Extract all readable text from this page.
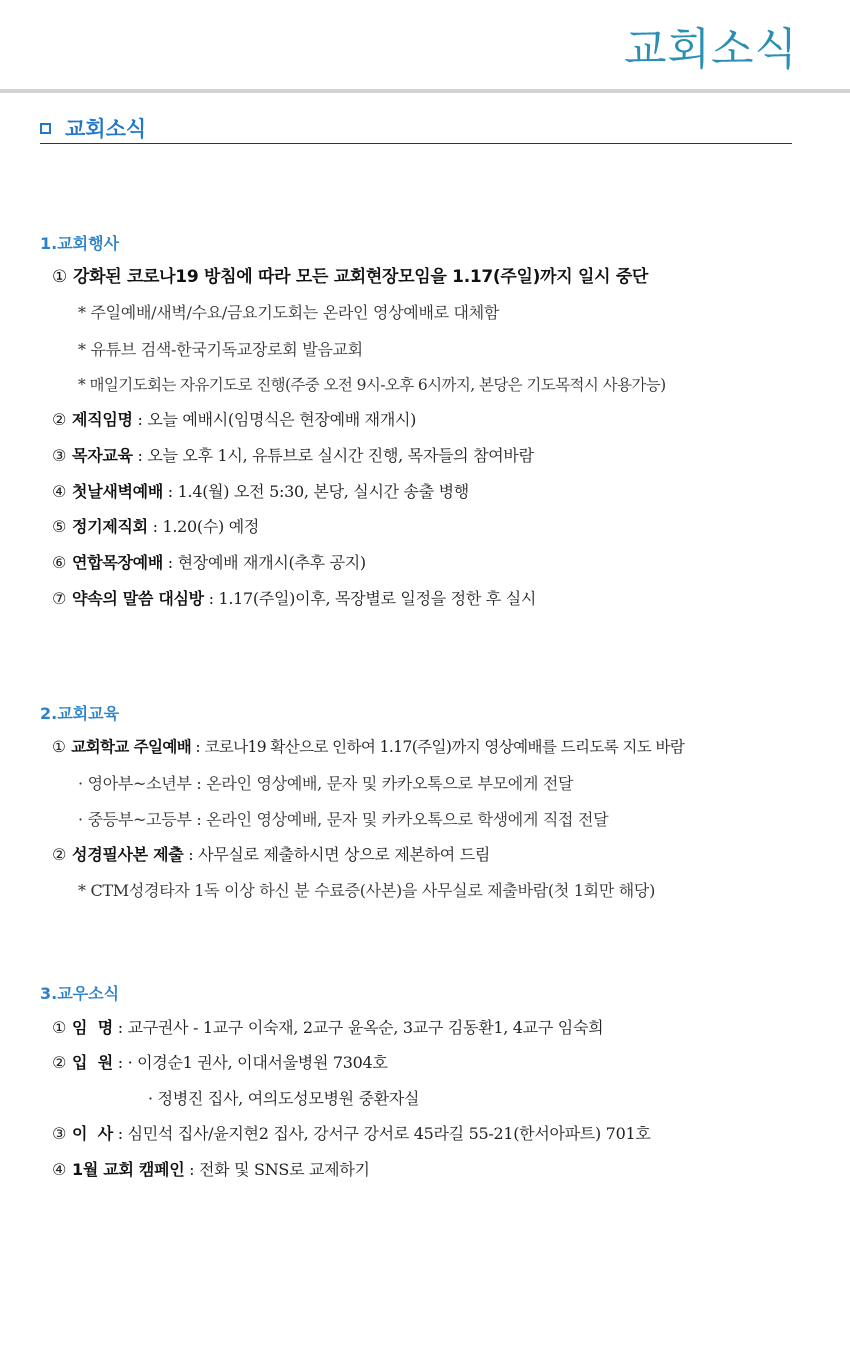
교회소식
교회소식
1.교회행사
① 강화된 코로나19 방침에 따라 모든 교회현장모임을 1.17(주일)까지 일시 중단
* 주일예배/새벽/수요/금요기도회는 온라인 영상예배로 대체함
* 유튜브 검색-한국기독교장로회 발음교회
* 매일기도회는 자유기도로 진행(주중 오전 9시-오후 6시까지, 본당은 기도목적시 사용가능)
② 제직임명 : 오늘 예배시(임명식은 현장예배 재개시)
③ 목자교육 : 오늘 오후 1시, 유튜브로 실시간 진행, 목자들의 참여바람
④ 첫날새벽예배 : 1.4(월) 오전 5:30, 본당, 실시간 송출 병행
⑤ 정기제직회 : 1.20(수) 예정
⑥ 연합목장예배 : 현장예배 재개시(추후 공지)
⑦ 약속의 말씀 대심방 : 1.17(주일)이후, 목장별로 일정을 정한 후 실시
2.교회교육
① 교회학교 주일예배 : 코로나19 확산으로 인하여 1.17(주일)까지 영상예배를 드리도록 지도 바람
· 영아부~소년부 : 온라인 영상예배, 문자 및 카카오톡으로 부모에게 전달
· 중등부~고등부 : 온라인 영상예배, 문자 및 카카오톡으로 학생에게 직접 전달
② 성경필사본 제출 : 사무실로 제출하시면 상으로 제본하여 드림
* CTM성경타자 1독 이상 하신 분 수료증(사본)을 사무실로 제출바람(첫 1회만 해당)
3.교우소식
① 임  명 : 교구권사 - 1교구 이숙재, 2교구 윤옥순, 3교구 김동환1, 4교구 임숙희
② 입  원 : · 이경순1 권사, 이대서울병원 7304호
· 정병진 집사, 여의도성모병원 중환자실
③ 이  사 : 심민석 집사/윤지현2 집사, 강서구 강서로 45라길 55-21(한서아파트) 701호
④ 1월 교회 캠페인 : 전화 및 SNS로 교제하기
